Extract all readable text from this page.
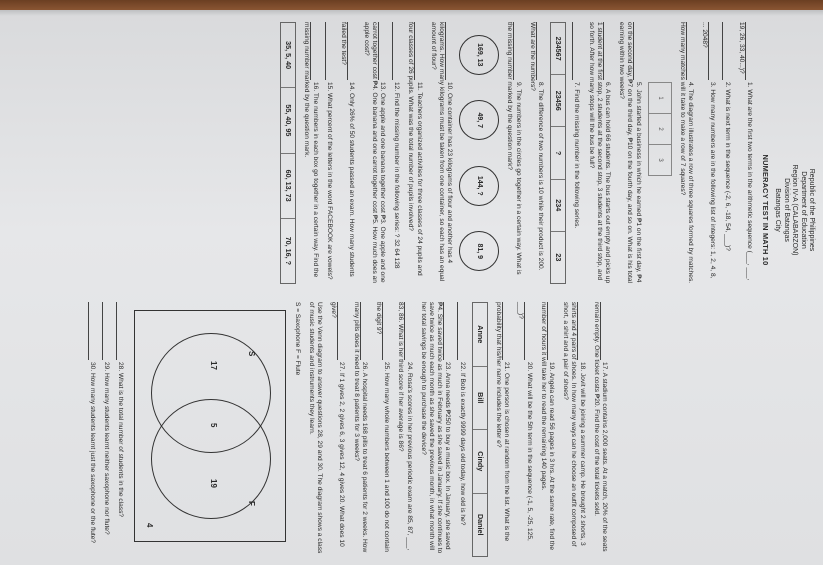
Republic of the Philippines
Department of Education
Region IV-A (CALABARZON)
Division of Batangas
Batangas City
NUMERACY TEST IN MATH 10
1. What are the first two terms in the arithmetic sequence (___, ___, 19, 26, 33, 40...)?
2. What is next term in the sequence (-2, 6, -18, 54, ___)?
3. How many numbers are in the following list of integers: 1, 2, 4, 8, ... 2048?
4. The diagram illustrates a row of three squares formed by matches. How many matches will it take to make a row of 7 squares?
1
2
3
5. John started a business in which he earned ₱1 on the first day, ₱4 on the second day, ₱7 on the third day, ₱10 on the fourth day, and so on. What is his total earning within two weeks?
6. A bus can hold 66 students. The bus starts out empty and picks up 1 student at the first stop, 2 students at the second stop, 3 students at the third stop, and so forth. After how many stops will the bus be full?
7. Find the missing number in the following series.
234567
23456
?
234
23
8. The difference of two numbers is 10 while their product is 200. What are the numbers?
9. The numbers in the circles go together in a certain way. What is the missing number marked by the question mark?
169, 13
49, 7
144, ?
81, 9
10. One container has 23 kilograms of flour and another has 4 kilograms. How many kilograms must be taken from one container, so each has an equal amount of flour?
11. Teachers organized activities for three classes of 24 pupils and four classes of 26 pupils. What was the total number of pupils involved?
12. Find the missing number in the following series: ? 32 64 128
13. One apple and one banana together cost ₱3. One apple and one carrot together cost ₱4. One banana and one carrot together cost ₱5. How much does an apple cost?
14. Only 26% of 50 students passed an exam. How many students failed the test?
15. What percent of the letters in the word FACEBOOK are vowels?
16. The numbers in each box go together in a certain way. Find the missing number marked by the question mark.
35, 5, 40
55, 40, 95
60, 13, 73
70, 16, ?
17. A stadium contains 2,000 seats. At a match, 20% of the seats remain empty. One ticket costs ₱20. Find the cost of the total tickets sold.
18. Jovit will be joining a summer camp. He brought 2 shorts, 3 shirts and 4 pairs of shoes. In how many ways can he choose an outfit composed of short, a shirt and a pair of shoes?
19. Angela can read 56 pages in 3 hrs. At the same rate, find the number of hours it will take her to read the remaining 140 pages.
20. What will be the 5th term in the sequence (-1, 5, -25, 125, ___)?
21. One person is chosen at random from the list. What is the probability that his/her name includes the letter e?
Anne
Bill
Cindy
Daniel
22. If Bob is exactly 9999 days old today, how old is he?
23. Anna needs ₱250 to buy a music box. In January, she saved ₱4. She saved twice as much in February as she saved in January. If she continues to save twice as much each month as she saved the previous month, in what month will her total savings be enough to purchase the device?
24. Rosa's scores in her previous periodic exam are 85, 87, ___, 83, 86. What is her third score if her average is 86?
25. How many whole numbers between 1 and 100 do not contain the digit 9?
26. A hospital needs 168 pills to treat 6 patients for 2 weeks. How many pills does it need to treat 8 patients for 3 weeks?
27. If 1 gives 2, 2 gives 6, 3 gives 12, 4 gives 20. What does 10 give?
Use the Venn diagram to answer questions 28, 29 and 30. The diagram shows a class of music students and instruments they learn.
S = Saxophone F = Flute
S
F
17
5
19
4
28. What is the total number of students in the class?
29. How many students learnt neither saxophone nor flute?
30. How many students learnt just the saxophone or the flute?
